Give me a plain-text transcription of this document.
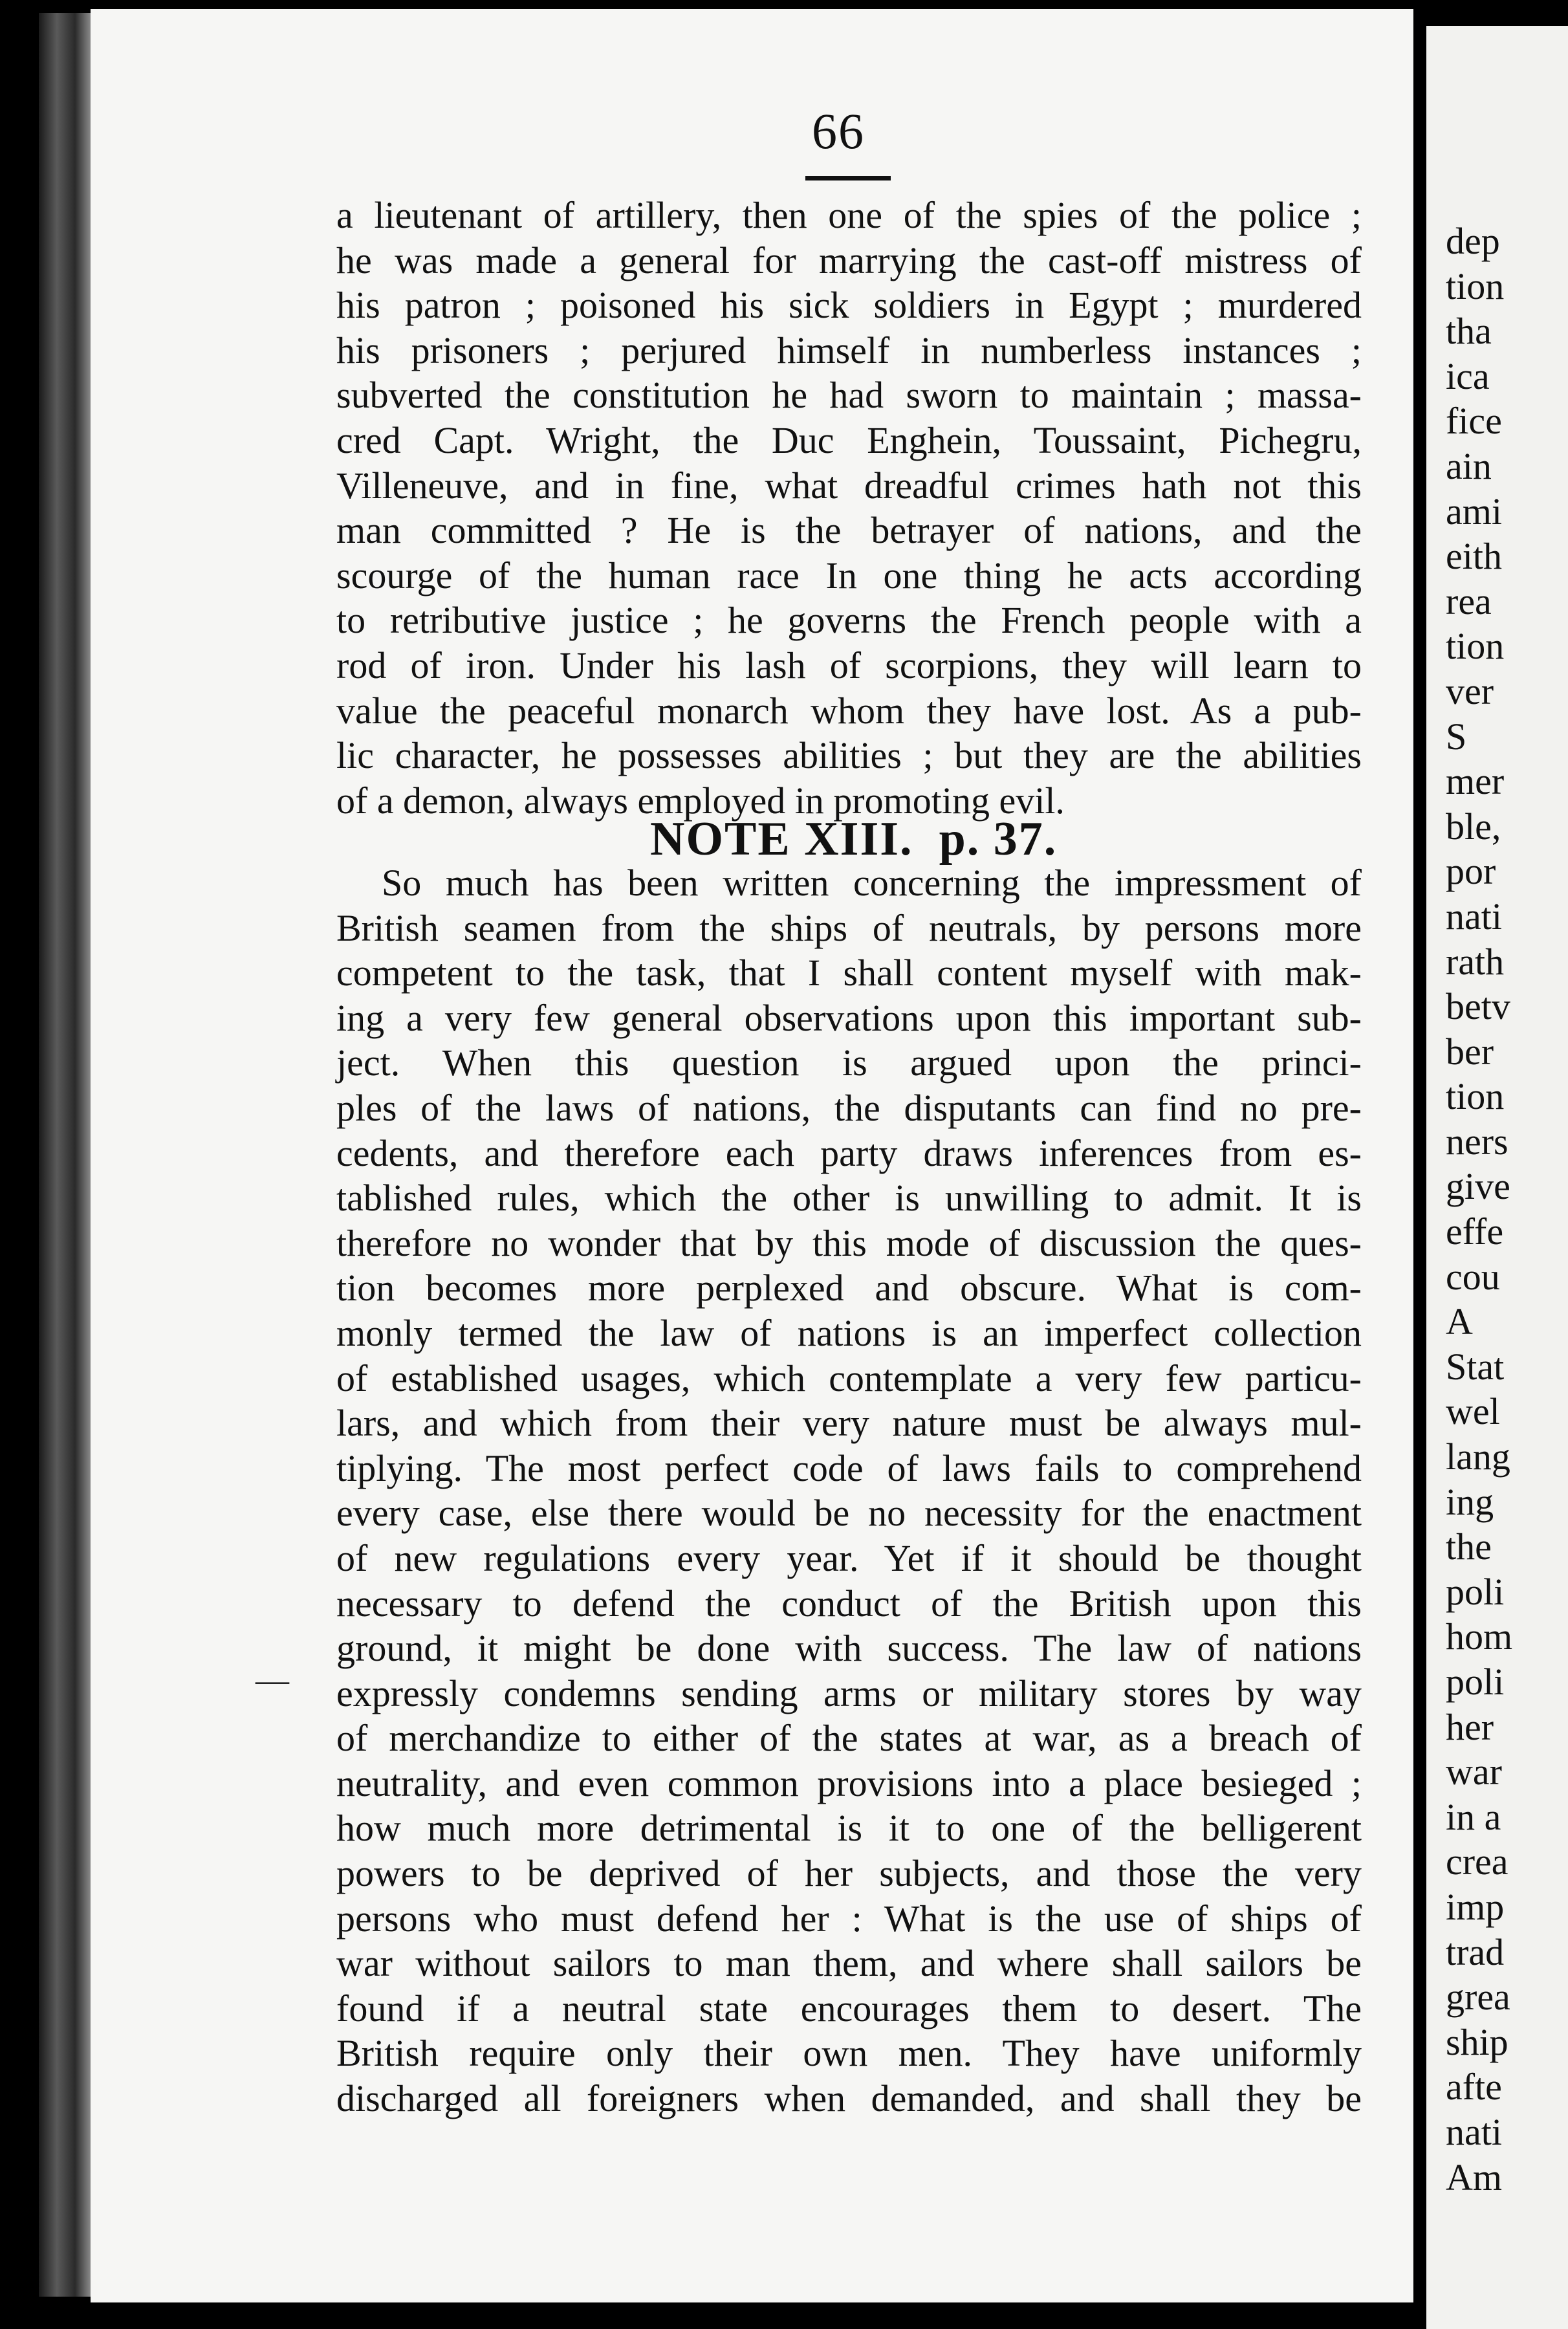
66
a lieutenant of artillery, then one of the spies of the police ;
he was made a general for marrying the cast-off mistress of
his patron ; poisoned his sick soldiers in Egypt ; murdered
his prisoners ; perjured himself in numberless instances ;
subverted the constitution he had sworn to maintain ; massa-
cred Capt. Wright, the Duc Enghein, Toussaint, Pichegru,
Villeneuve, and in fine, what dreadful crimes hath not this
man committed ? He is the betrayer of nations, and the
scourge of the human race In one thing he acts according
to retributive justice ; he governs the French people with a
rod of iron. Under his lash of scorpions, they will learn to
value the peaceful monarch whom they have lost. As a pub-
lic character, he possesses abilities ; but they are the abilities
of a demon, always employed in promoting evil.
NOTE XIII. p. 37.
So much has been written concerning the impressment of
British seamen from the ships of neutrals, by persons more
competent to the task, that I shall content myself with mak-
ing a very few general observations upon this important sub-
ject. When this question is argued upon the princi-
ples of the laws of nations, the disputants can find no pre-
cedents, and therefore each party draws inferences from es-
tablished rules, which the other is unwilling to admit. It is
therefore no wonder that by this mode of discussion the ques-
tion becomes more perplexed and obscure. What is com-
monly termed the law of nations is an imperfect collection
of established usages, which contemplate a very few particu-
lars, and which from their very nature must be always mul-
tiplying. The most perfect code of laws fails to comprehend
every case, else there would be no necessity for the enactment
of new regulations every year. Yet if it should be thought
necessary to defend the conduct of the British upon this
ground, it might be done with success. The law of nations
expressly condemns sending arms or military stores by way
of merchandize to either of the states at war, as a breach of
neutrality, and even common provisions into a place besieged ;
how much more detrimental is it to one of the belligerent
powers to be deprived of her subjects, and those the very
persons who must defend her : What is the use of ships of
war without sailors to man them, and where shall sailors be
found if a neutral state encourages them to desert. The
British require only their own men. They have uniformly
discharged all foreigners when demanded, and shall they be
—
dep
tion
tha
ica
fice
ain
ami
eith
rea
tion
ver
S
mer
ble,
por
nati
rath
betv
ber
tion
ners
give
effe
cou
A
Stat
wel
lang
ing
the
poli
hom
poli
her
war
in a
crea
imp
trad
grea
ship
afte
nati
Am
